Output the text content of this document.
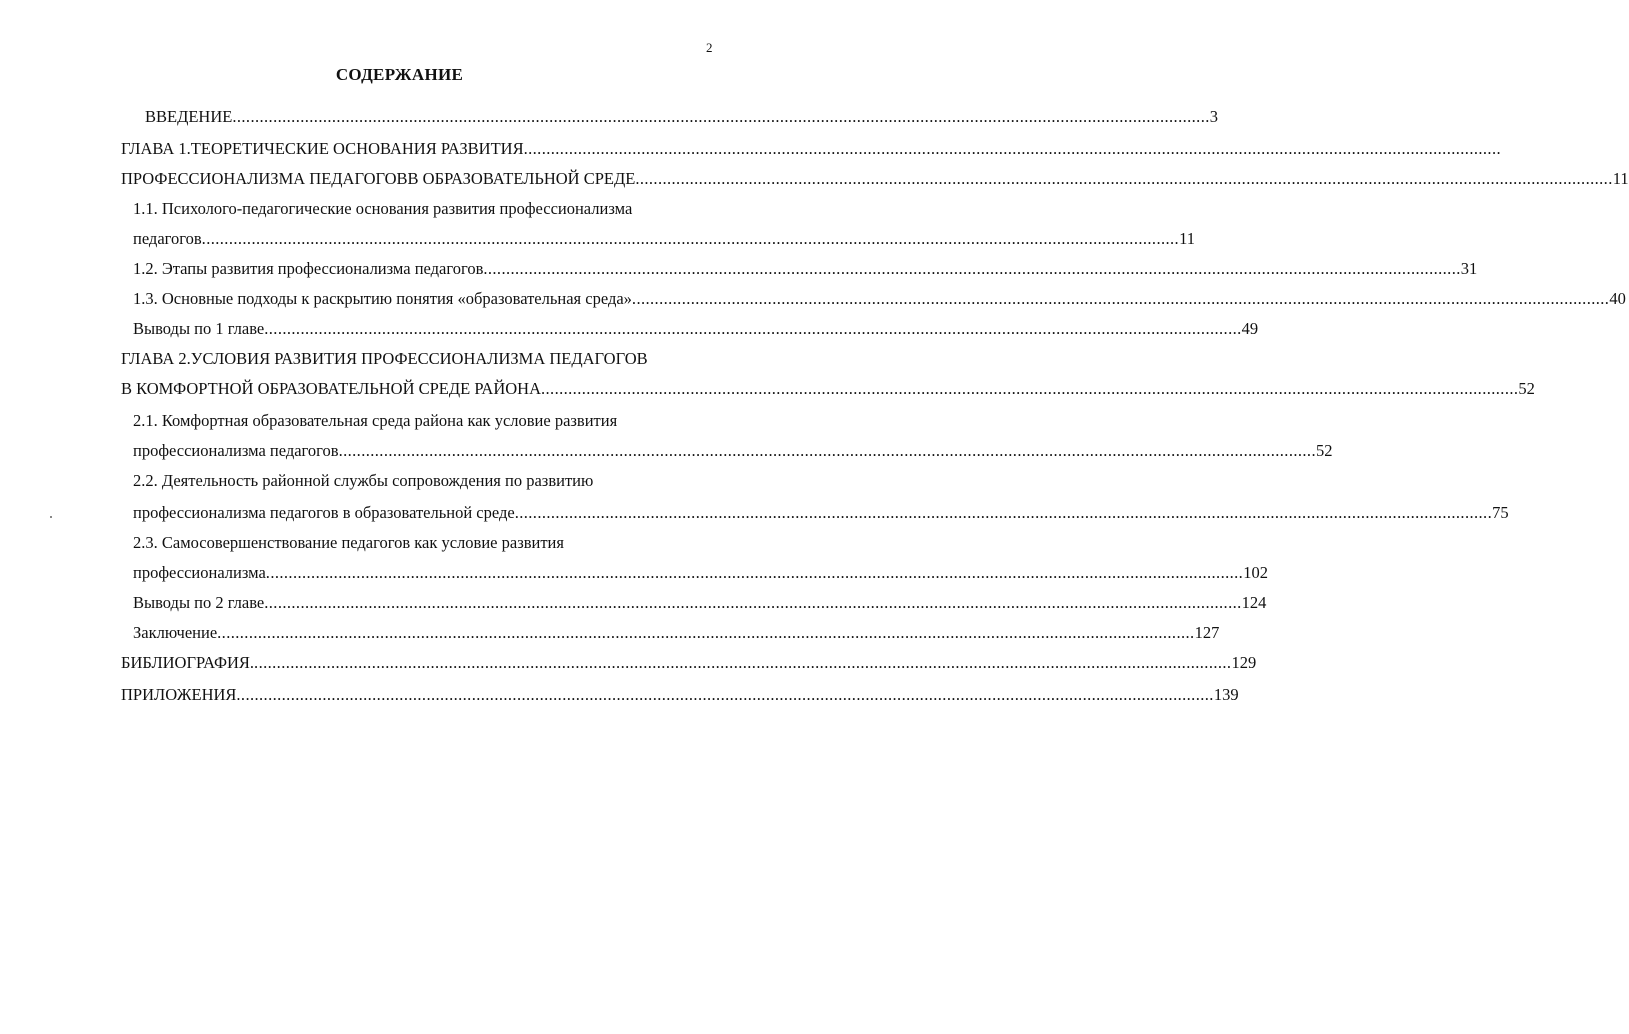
2
СОДЕРЖАНИЕ
ВВЕДЕНИЕ ........................................................................................................................................................................................................................ 3
ГЛАВА 1.ТЕОРЕТИЧЕСКИЕ ОСНОВАНИЯ РАЗВИТИЯ ........................................................................................................................................................................................................................
ПРОФЕССИОНАЛИЗМА ПЕДАГОГОВВ ОБРАЗОВАТЕЛЬНОЙ СРЕДЕ ........................................................................................................................................................................................................................ 11
1.1. Психолого-педагогические основания развития профессионализма
педагогов ........................................................................................................................................................................................................................ 11
1.2. Этапы развития профессионализма педагогов ........................................................................................................................................................................................................................ 31
1.3. Основные подходы к раскрытию понятия «образовательная среда» ........................................................................................................................................................................................................................ 40
Выводы по 1 главе ........................................................................................................................................................................................................................ 49
ГЛАВА 2.УСЛОВИЯ РАЗВИТИЯ ПРОФЕССИОНАЛИЗМА ПЕДАГОГОВ
В КОМФОРТНОЙ ОБРАЗОВАТЕЛЬНОЙ СРЕДЕ РАЙОНА ........................................................................................................................................................................................................................ 52
2.1. Комфортная образовательная среда района как условие развития
профессионализма педагогов ........................................................................................................................................................................................................................ 52
2.2. Деятельность районной службы сопровождения по развитию
профессионализма педагогов в образовательной среде ........................................................................................................................................................................................................................ 75
2.3. Самосовершенствование педагогов как условие развития
профессионализма ........................................................................................................................................................................................................................ 102
Выводы по 2 главе ........................................................................................................................................................................................................................ 124
Заключение ........................................................................................................................................................................................................................ 127
БИБЛИОГРАФИЯ. ........................................................................................................................................................................................................................ 129
ПРИЛОЖЕНИЯ ........................................................................................................................................................................................................................ 139
